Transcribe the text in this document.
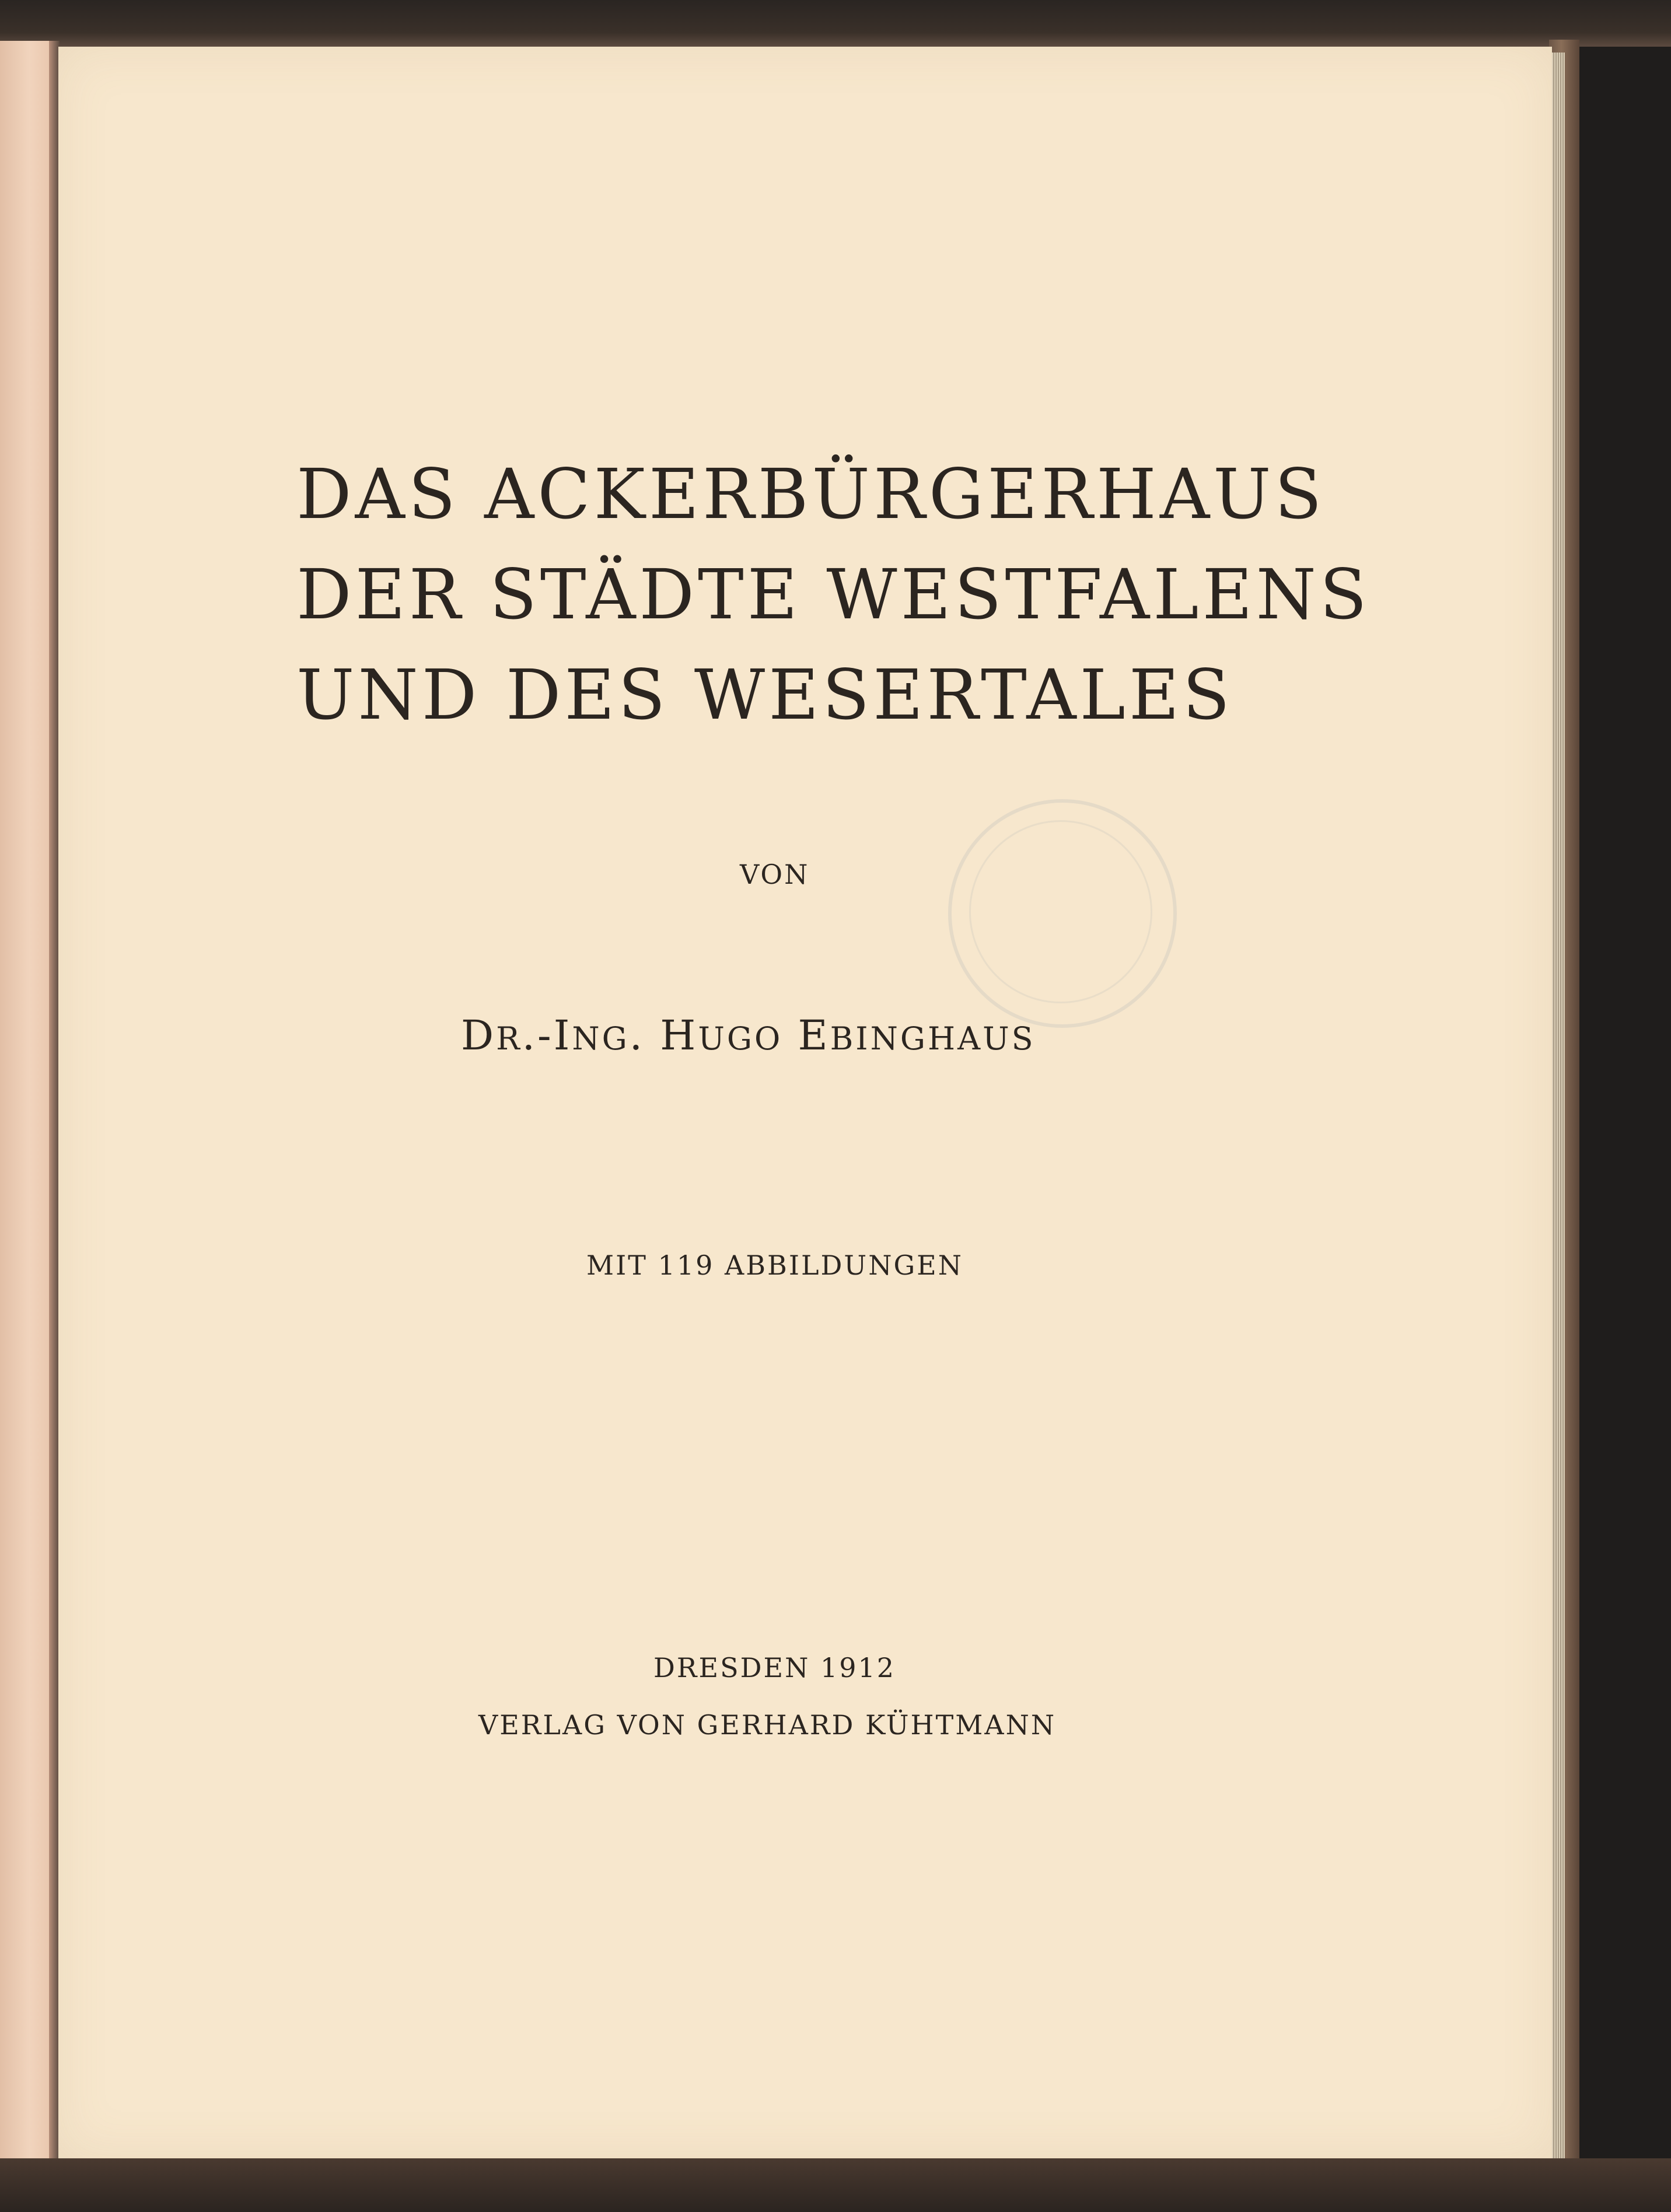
DAS ACKERBÜRGERHAUS

DER STÄDTE WESTFALENS

UND DES WESERTALES

VON

DR.-ING. HUGO EBINGHAUS

MIT 119 ABBILDUNGEN

DRESDEN 1912

VERLAG VON GERHARD KÜHTMANN
